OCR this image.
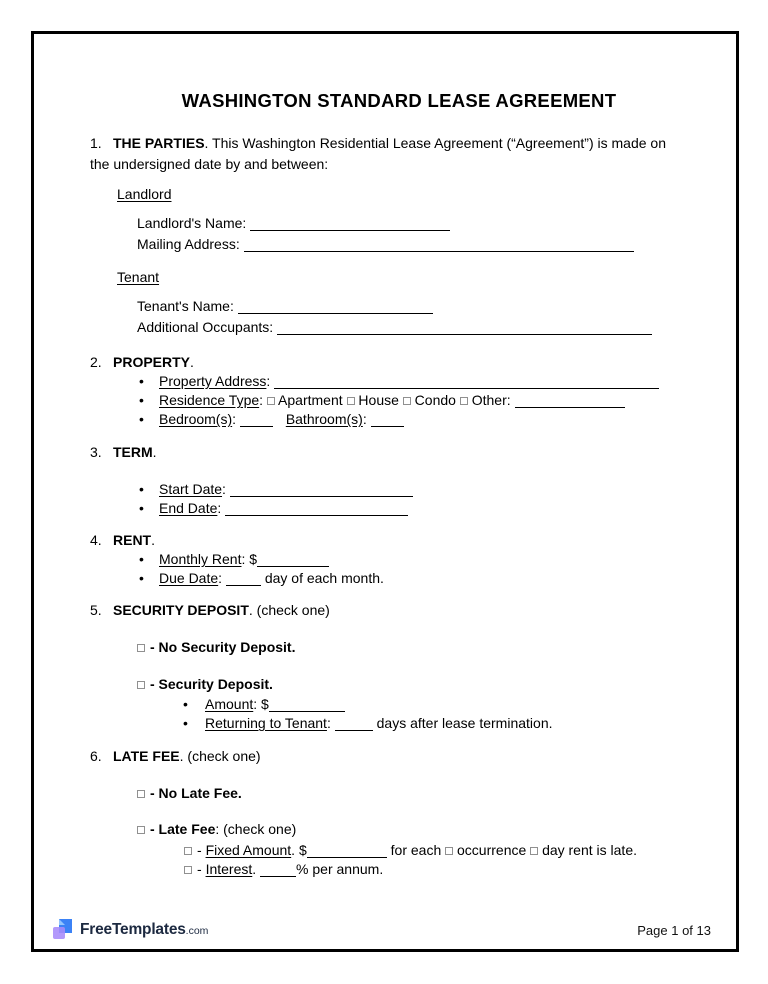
WASHINGTON STANDARD LEASE AGREEMENT

1. THE PARTIES. This Washington Residential Lease Agreement (“Agreement”) is made on

the undersigned date by and between:

Landlord
Landlord's Name:
Mailing Address:
Tenant
Tenant's Name:
Additional Occupants:
2. PROPERTY.
•Property Address:
•Residence Type: Apartment House Condo Other:
•Bedroom(s):	Bathroom(s):
3. TERM.
•Start Date:
•End Date:
4. RENT.
•Monthly Rent: $
•Due Date:	day of each month.
5. SECURITY DEPOSIT. (check one)
- No Security Deposit.
- Security Deposit.
•Amount: $
•Returning to Tenant:	days after lease termination.
6. LATE FEE. (check one)
- No Late Fee.
- Late Fee: (check one)
- Fixed Amount. $	for each occurrence day rent is late.
- Interest.	% per annum.
FreeTemplates.com	Page 1 of 13
